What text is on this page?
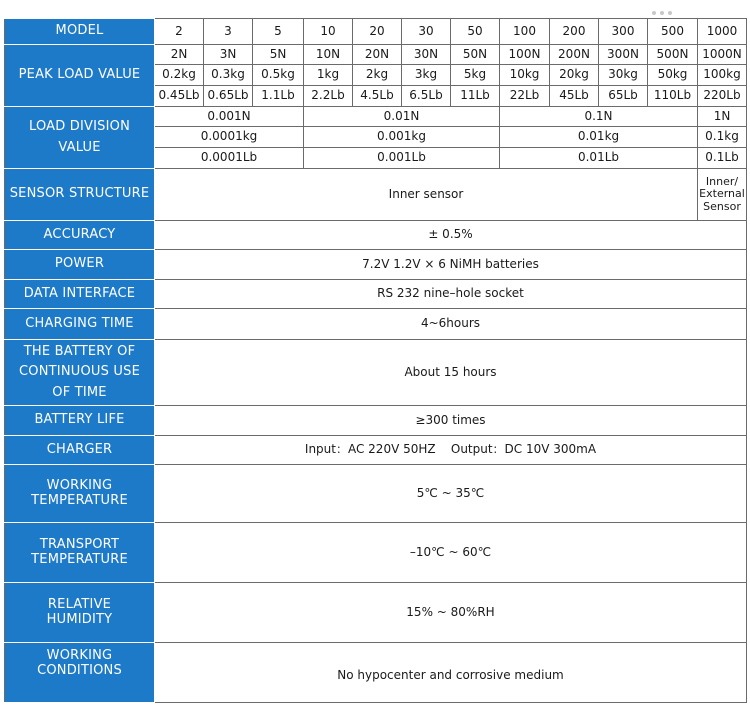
MODEL	2	3	5	10	20	30	50	100	200	300	500	1000
PEAK LOAD VALUE	2N	3N	5N	10N	20N	30N	50N	100N	200N	300N	500N	1000N
	0.2kg	0.3kg	0.5kg	1kg	2kg	3kg	5kg	10kg	20kg	30kg	50kg	100kg
	0.45Lb	0.65Lb	1.1Lb	2.2Lb	4.5Lb	6.5Lb	11Lb	22Lb	45Lb	65Lb	110Lb	220Lb

LOAD DIVISION
VALUE	0.001N			0.01N				0.1N				1N
	0.0001kg			0.001kg				0.01kg				0.1kg
	0.0001Lb			0.001Lb				0.01Lb				0.1Lb
SENSOR STRUCTURE	Inner sensor											Inner/
External
Sensor

ACCURACY	± 0.5%											
POWER	7.2V 1.2V × 6 NiMH batteries											
DATA INTERFACE	RS 232 nine–hole socket											
CHARGING TIME	4~6hours											

THE BATTERY OF
CONTINUOUS USE
OF TIME	About 15 hours											
BATTERY LIFE	≥300 times											
CHARGER	Input：AC 220V 50HZ    Output：DC 10V 300mA											

WORKING
TEMPERATURE	5℃ ~ 35℃											

TRANSPORT
TEMPERATURE	–10℃ ~ 60℃											

RELATIVE
HUMIDITY	15% ~ 80%RH											

WORKING
CONDITIONS	No hypocenter and corrosive medium											
